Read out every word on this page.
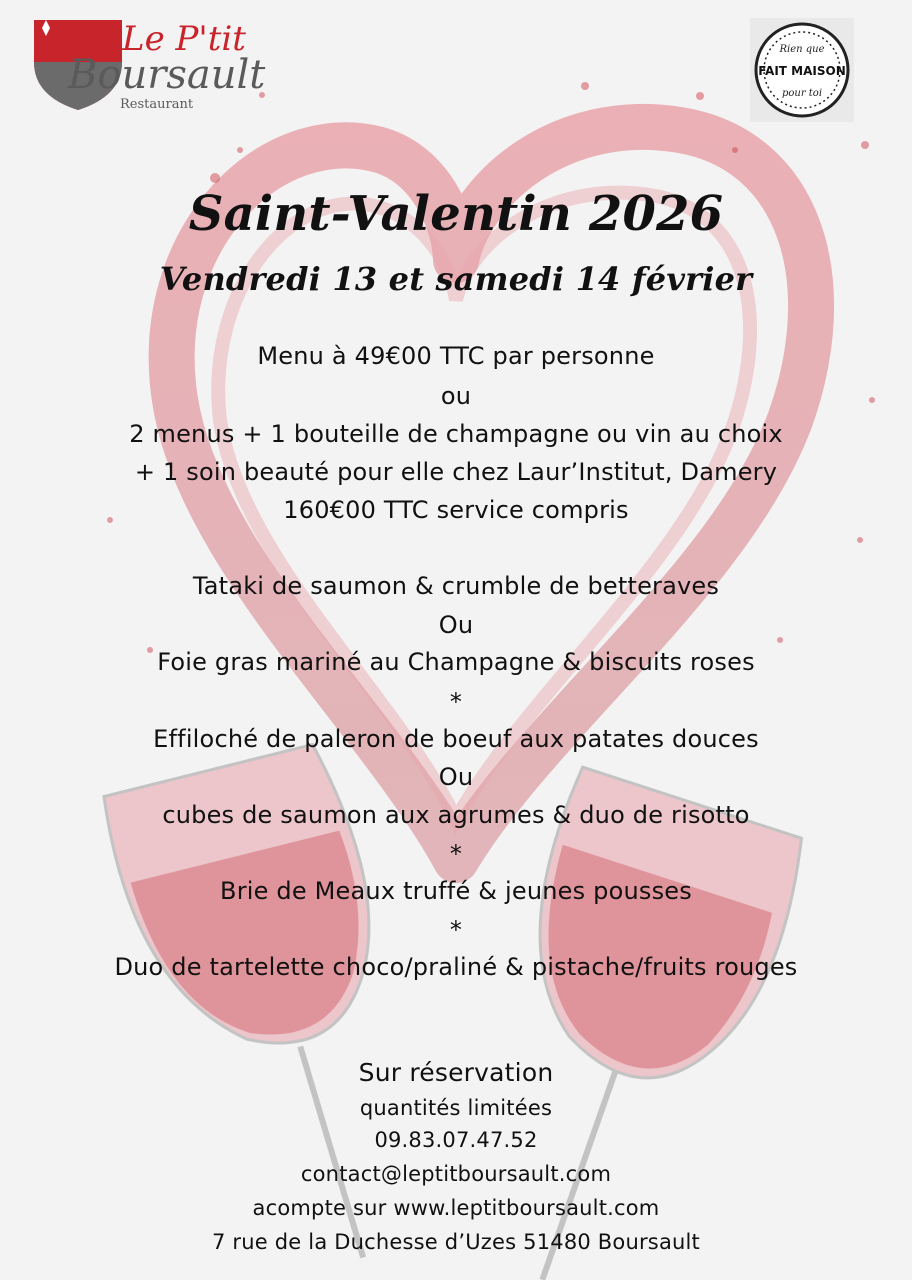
Le P'tit
Boursault
Restaurant
Rien que
FAIT MAISON
pour toi
Saint-Valentin 2026
Vendredi 13 et samedi 14 février
Menu à 49€00 TTC par personne
ou
2 menus + 1 bouteille de champagne ou vin au choix
+ 1 soin beauté pour elle chez Laur’Institut, Damery
160€00 TTC service compris
Tataki de saumon & crumble de betteraves
Ou
Foie gras mariné au Champagne & biscuits roses
*
Effiloché de paleron de boeuf aux patates douces
Ou
cubes de saumon aux agrumes & duo de risotto
*
Brie de Meaux truffé & jeunes pousses
*
Duo de tartelette choco/praliné & pistache/fruits rouges
Sur réservation
quantités limitées
09.83.07.47.52
contact@leptitboursault.com
acompte sur www.leptitboursault.com
7 rue de la Duchesse d’Uzes 51480 Boursault
